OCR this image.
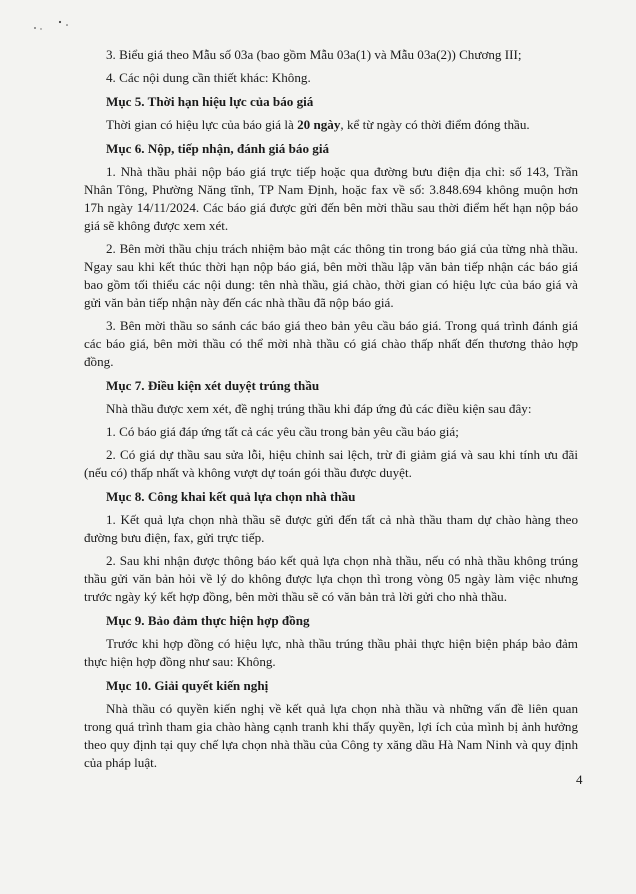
3. Biểu giá theo Mẫu số 03a (bao gồm Mẫu 03a(1) và Mẫu 03a(2)) Chương III;

4. Các nội dung cần thiết khác: Không.

Mục 5. Thời hạn hiệu lực của báo giá

Thời gian có hiệu lực của báo giá là 20 ngày, kể từ ngày có thời điểm đóng thầu.

Mục 6. Nộp, tiếp nhận, đánh giá báo giá

1. Nhà thầu phải nộp báo giá trực tiếp hoặc qua đường bưu điện địa chỉ: số 143, Trần Nhân Tông, Phường Năng tĩnh, TP Nam Định, hoặc fax về số: 3.848.694 không muộn hơn 17h ngày 14/11/2024. Các báo giá được gửi đến bên mời thầu sau thời điểm hết hạn nộp báo giá sẽ không được xem xét.

2. Bên mời thầu chịu trách nhiệm bảo mật các thông tin trong báo giá của từng nhà thầu. Ngay sau khi kết thúc thời hạn nộp báo giá, bên mời thầu lập văn bản tiếp nhận các báo giá bao gồm tối thiểu các nội dung: tên nhà thầu, giá chào, thời gian có hiệu lực của báo giá và gửi văn bản tiếp nhận này đến các nhà thầu đã nộp báo giá.

3. Bên mời thầu so sánh các báo giá theo bản yêu cầu báo giá. Trong quá trình đánh giá các báo giá, bên mời thầu có thể mời nhà thầu có giá chào thấp nhất đến thương thảo hợp đồng.

Mục 7. Điều kiện xét duyệt trúng thầu

Nhà thầu được xem xét, đề nghị trúng thầu khi đáp ứng đủ các điều kiện sau đây:

1. Có báo giá đáp ứng tất cả các yêu cầu trong bản yêu cầu báo giá;

2. Có giá dự thầu sau sửa lỗi, hiệu chỉnh sai lệch, trừ đi giảm giá và sau khi tính ưu đãi (nếu có) thấp nhất và không vượt dự toán gói thầu được duyệt.

Mục 8. Công khai kết quả lựa chọn nhà thầu

1. Kết quả lựa chọn nhà thầu sẽ được gửi đến tất cả nhà thầu tham dự chào hàng theo đường bưu điện, fax, gửi trực tiếp.

2. Sau khi nhận được thông báo kết quả lựa chọn nhà thầu, nếu có nhà thầu không trúng thầu gửi văn bản hỏi về lý do không được lựa chọn thì trong vòng 05 ngày làm việc nhưng trước ngày ký kết hợp đồng, bên mời thầu sẽ có văn bản trả lời gửi cho nhà thầu.

Mục 9. Bảo đảm thực hiện hợp đồng

Trước khi hợp đồng có hiệu lực, nhà thầu trúng thầu phải thực hiện biện pháp bảo đảm thực hiện hợp đồng như sau: Không.

Mục 10. Giải quyết kiến nghị

Nhà thầu có quyền kiến nghị về kết quả lựa chọn nhà thầu và những vấn đề liên quan trong quá trình tham gia chào hàng cạnh tranh khi thấy quyền, lợi ích của mình bị ảnh hưởng theo quy định tại quy chế lựa chọn nhà thầu của Công ty xăng dầu Hà Nam Ninh và quy định của pháp luật.

4
